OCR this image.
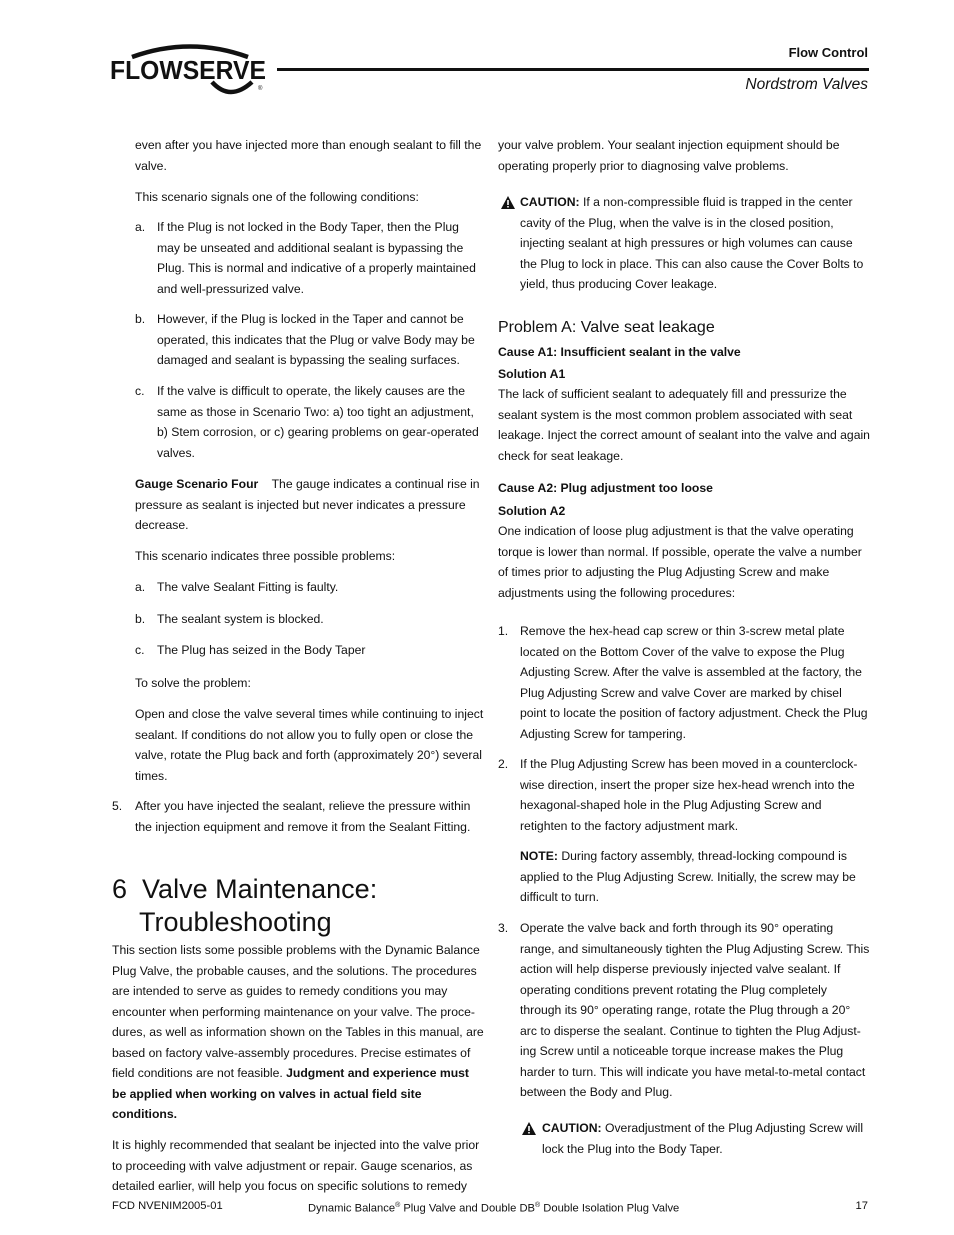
FLOWSERVE
®
Flow Control
Nordstrom Valves

even after you have injected more than enough sealant to fill the valve.

This scenario signals one of the following conditions:

a. If the Plug is not locked in the Body Taper, then the Plug may be unseated and additional sealant is bypassing the Plug. This is normal and indicative of a properly maintained and well-pressurized valve.
b. However, if the Plug is locked in the Taper and cannot be operated, this indicates that the Plug or valve Body may be damaged and sealant is bypassing the sealing surfaces.
c. If the valve is difficult to operate, the likely causes are the same as those in Scenario Two: a) too tight an adjustment, b) Stem corrosion, or c) gearing problems on gear-operated valves.

Gauge Scenario Four The gauge indicates a continual rise in pressure as sealant is injected but never indicates a pressure decrease.

This scenario indicates three possible problems:

a. The valve Sealant Fitting is faulty.
b. The sealant system is blocked.
c. The Plug has seized in the Body Taper

To solve the problem:

Open and close the valve several times while continuing to inject sealant. If conditions do not allow you to fully open or close the valve, rotate the Plug back and forth (approximately 20°) several times.

5. After you have injected the sealant, relieve the pressure within the injection equipment and remove it from the Sealant Fitting.
6 Valve Maintenance:
Troubleshooting

This section lists some possible problems with the Dynamic Balance Plug Valve, the probable causes, and the solutions. The procedures are intended to serve as guides to remedy conditions you may encounter when performing maintenance on your valve. The proce-dures, as well as information shown on the Tables in this manual, are based on factory valve-assembly procedures. Precise estimates of field conditions are not feasible. Judgment and experience must be applied when working on valves in actual field site conditions.

It is highly recommended that sealant be injected into the valve prior to proceeding with valve adjustment or repair. Gauge scenarios, as detailed earlier, will help you focus on specific solutions to remedy

your valve problem. Your sealant injection equipment should be operating properly prior to diagnosing valve problems.

CAUTION: If a non-compressible fluid is trapped in the center cavity of the Plug, when the valve is in the closed position, injecting sealant at high pressures or high volumes can cause the Plug to lock in place. This can also cause the Cover Bolts to yield, thus producing Cover leakage.

Problem A: Valve seat leakage

Cause A1: Insufficient sealant in the valve

Solution A1

The lack of sufficient sealant to adequately fill and pressurize the sealant system is the most common problem associated with seat leakage. Inject the correct amount of sealant into the valve and again check for seat leakage.

Cause A2: Plug adjustment too loose

Solution A2

One indication of loose plug adjustment is that the valve operating torque is lower than normal. If possible, operate the valve a number of times prior to adjusting the Plug Adjusting Screw and make adjustments using the following procedures:

1. Remove the hex-head cap screw or thin 3-screw metal plate located on the Bottom Cover of the valve to expose the Plug Adjusting Screw. After the valve is assembled at the factory, the Plug Adjusting Screw and valve Cover are marked by chisel point to locate the position of factory adjustment. Check the Plug Adjusting Screw for tampering.
2. If the Plug Adjusting Screw has been moved in a counterclock-wise direction, insert the proper size hex-head wrench into the hexagonal-shaped hole in the Plug Adjusting Screw and retighten to the factory adjustment mark.

NOTE: During factory assembly, thread-locking compound is applied to the Plug Adjusting Screw. Initially, the screw may be difficult to turn.

3. Operate the valve back and forth through its 90° operating range, and simultaneously tighten the Plug Adjusting Screw. This action will help disperse previously injected valve sealant. If operating conditions prevent rotating the Plug completely through its 90° operating range, rotate the Plug through a 20° arc to disperse the sealant. Continue to tighten the Plug Adjust-ing Screw until a noticeable torque increase makes the Plug harder to turn. This will indicate you have metal-to-metal contact between the Body and Plug.

CAUTION: Overadjustment of the Plug Adjusting Screw will lock the Plug into the Body Taper.

FCD NVENIM2005-01	Dynamic Balance® Plug Valve and Double DB® Double Isolation Plug Valve	17
